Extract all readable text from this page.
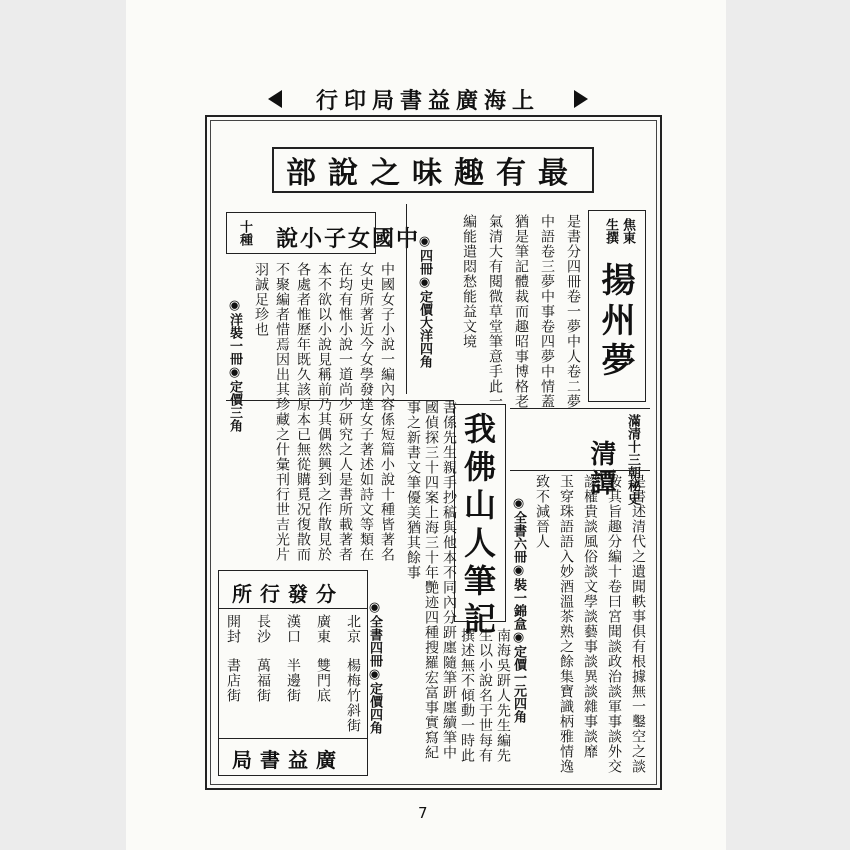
上海廣益書局印行
最有趣味之說部
揚州夢
焦東
生撰
是書分四冊卷一夢中人卷二夢
中語卷三夢中事卷四夢中情蓋
猶是筆記體裁而趣昭事博格老
氣清大有閱微草堂筆意手此一
編能遣悶愁能益文境
◉四冊◉定價大洋四角
中國女子小說
十種
中國女子小說一編內容係短篇小說十種皆著名
女史所著近今女學發達女子著述如詩文等類在
在均有惟小說一道尚少研究之人是書所載著者
本不欲以小說見稱前乃其偶然興到之作散見於
各處者惟歷年既久該原本已無從購覓况復散而
不聚編者惜焉因出其珍藏之什彙刊行世吉光片
羽誠足珍也
◉洋裝一冊◉定價三角
滿清十三朝秘史
清譚
是書述清代之遺聞軼事俱有根據無一鑿空之談
按其旨趣分編十卷曰宮聞談政治談軍事談外交
談權貴談風俗談文學談藝事談異談雜事談靡
玉穿珠語語入妙酒溫茶熟之餘集寶識柄雅情逸
致不減晉人
◉全書六冊◉裝一錦盒◉定價一元四角
我佛山人筆記
書係先生親手抄稿與他本不同內分趼廛隨筆趼廛續筆中
國偵探三十四案上海三十年艷迹四種搜羅宏富事實寫紀
事之新書文筆優美猶其餘事
南海吳趼人先生編先
生以小說名于世每有
撰述無不傾動一時此
◉全書四冊◉定價四角
分發行所
北京
廣東
漢口
長沙
開封
楊梅竹斜街
雙門底
半邊街
萬福街
書店街
廣益書局
7
